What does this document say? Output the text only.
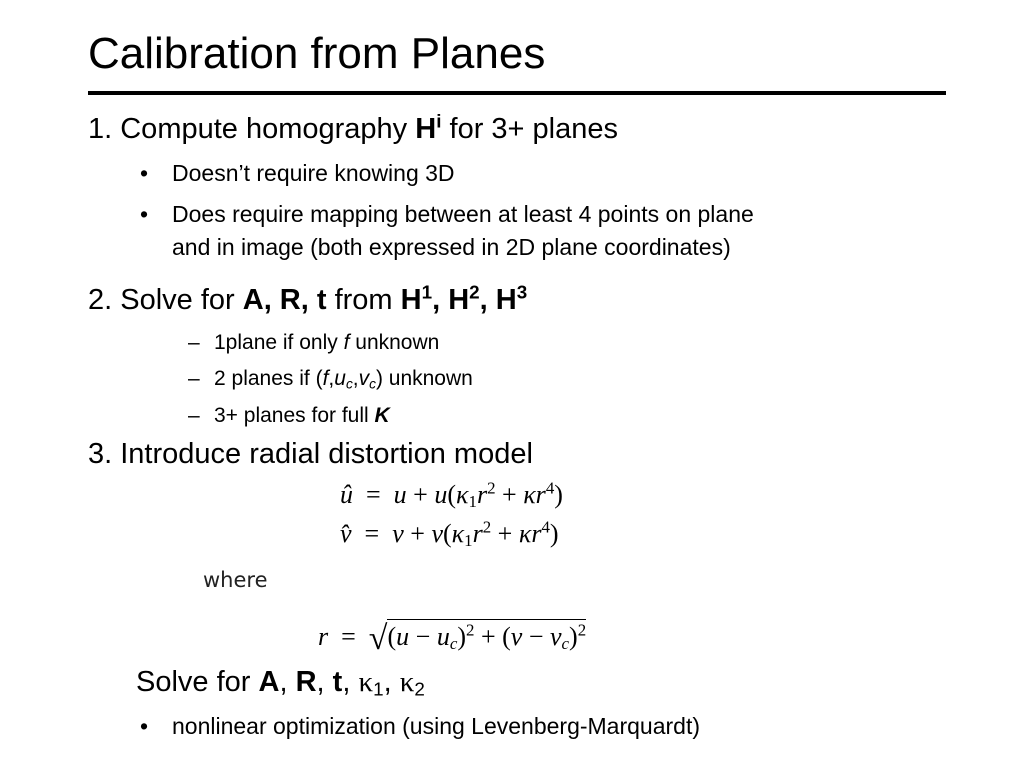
Calibration from Planes
1. Compute homography $H^i$ for 3+ planes
• Doesn’t require knowing 3D
• Does require mapping between at least 4 points on plane
and in image (both expressed in 2D plane coordinates)
2. Solve for A, R, t from $H^1$, $H^2$, $H^3$
– 1plane if only f unknown
– 2 planes if $(f,u_c,v_c)$ unknown
– 3+ planes for full K
3. Introduce radial distortion model
û  =  $u + u(\kappa_1r^2 + \kappa r^4)$
v̂  =  $v + v(\kappa_1r^2 + \kappa r^4)$
where
$r = √(u - u_c)^2 + (v - v_c)^2$
Solve for A, R, t, $\kappa_1$, $\kappa_2$
• nonlinear optimization (using Levenberg-Marquardt)
